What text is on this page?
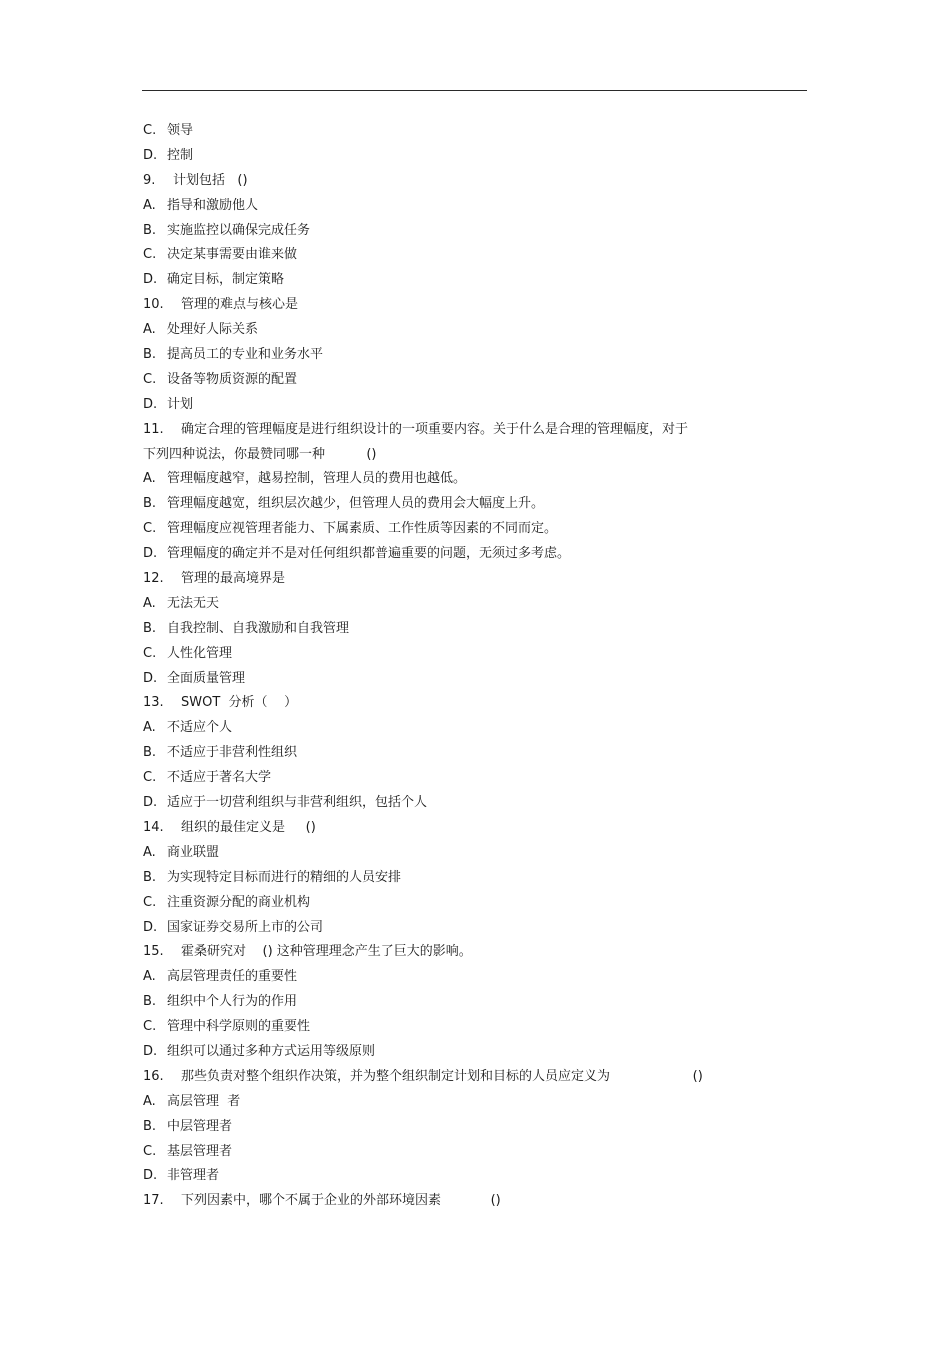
C. 领导
D. 控制
9. 计划包括   ()
A. 指导和激励他人
B. 实施监控以确保完成任务
C. 决定某事需要由谁来做
D. 确定目标，制定策略
10. 管理的难点与核心是
A. 处理好人际关系
B. 提高员工的专业和业务水平
C. 设备等物质资源的配置
D. 计划
11. 确定合理的管理幅度是进行组织设计的一项重要内容。关于什么是合理的管理幅度，对于
下列四种说法，你最赞同哪一种          ()
A. 管理幅度越窄，越易控制，管理人员的费用也越低。
B. 管理幅度越宽，组织层次越少，但管理人员的费用会大幅度上升。
C. 管理幅度应视管理者能力、下属素质、工作性质等因素的不同而定。
D. 管理幅度的确定并不是对任何组织都普遍重要的问题，无须过多考虑。
12. 管理的最高境界是
A. 无法无天
B. 自我控制、自我激励和自我管理
C. 人性化管理
D. 全面质量管理
13. SWOT  分析（    ）
A. 不适应个人
B. 不适应于非营利性组织
C. 不适应于著名大学
D. 适应于一切营利组织与非营利组织，包括个人
14. 组织的最佳定义是     ()
A. 商业联盟
B. 为实现特定目标而进行的精细的人员安排
C. 注重资源分配的商业机构
D. 国家证券交易所上市的公司
15. 霍桑研究对    () 这种管理理念产生了巨大的影响。
A. 高层管理责任的重要性
B. 组织中个人行为的作用
C. 管理中科学原则的重要性
D. 组织可以通过多种方式运用等级原则
16. 那些负责对整个组织作决策，并为整个组织制定计划和目标的人员应定义为                    ()
A. 高层管理  者
B. 中层管理者
C. 基层管理者
D. 非管理者
17. 下列因素中，哪个不属于企业的外部环境因素            ()
